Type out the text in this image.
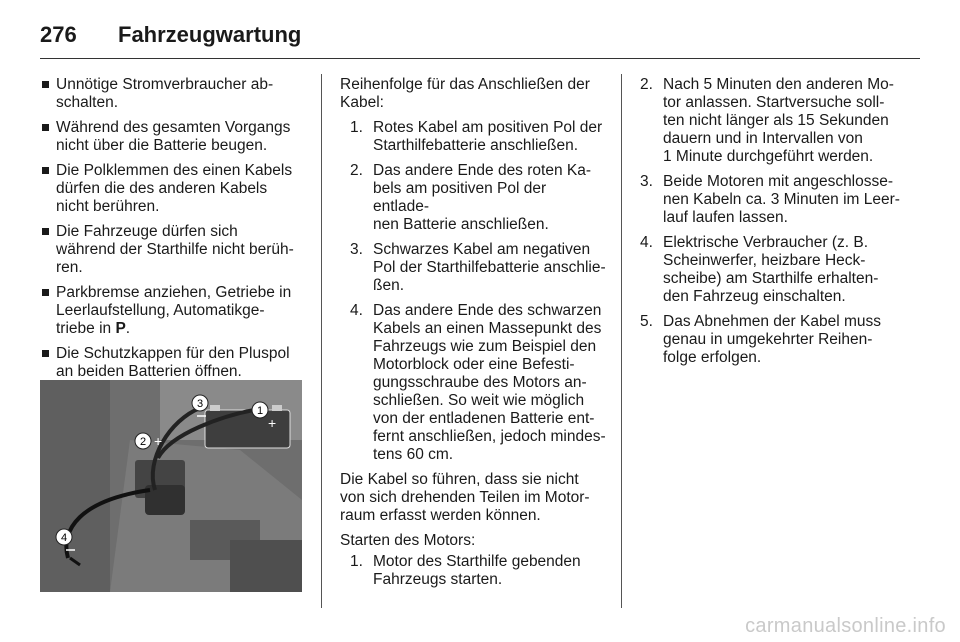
276 Fahrzeugwartung
Unnötige Stromverbraucher ab-
schalten.
Während des gesamten Vorgangs
nicht über die Batterie beugen.
Die Polklemmen des einen Kabels
dürfen die des anderen Kabels
nicht berühren.
Die Fahrzeuge dürfen sich
während der Starthilfe nicht berüh-
ren.
Parkbremse anziehen, Getriebe in
Leerlaufstellung, Automatikge-
triebe in P.
Die Schutzkappen für den Pluspol
an beiden Batterien öffnen.
1
+
2 +
3
4
Reihenfolge für das Anschließen der
Kabel:
1. Rotes Kabel am positiven Pol der
Starthilfebatterie anschließen.
2. Das andere Ende des roten Ka-
bels am positiven Pol der entlade-
nen Batterie anschließen.
3. Schwarzes Kabel am negativen
Pol der Starthilfebatterie anschlie-
ßen.
4. Das andere Ende des schwarzen
Kabels an einen Massepunkt des
Fahrzeugs wie zum Beispiel den
Motorblock oder eine Befesti-
gungsschraube des Motors an-
schließen. So weit wie möglich
von der entladenen Batterie ent-
fernt anschließen, jedoch mindes-
tens 60 cm.
Die Kabel so führen, dass sie nicht
von sich drehenden Teilen im Motor-
raum erfasst werden können.
Starten des Motors:
1. Motor des Starthilfe gebenden
Fahrzeugs starten.
2. Nach 5 Minuten den anderen Mo-
tor anlassen. Startversuche soll-
ten nicht länger als 15 Sekunden
dauern und in Intervallen von
1 Minute durchgeführt werden.
3. Beide Motoren mit angeschlosse-
nen Kabeln ca. 3 Minuten im Leer-
lauf laufen lassen.
4. Elektrische Verbraucher (z. B.
Scheinwerfer, heizbare Heck-
scheibe) am Starthilfe erhalten-
den Fahrzeug einschalten.
5. Das Abnehmen der Kabel muss
genau in umgekehrter Reihen-
folge erfolgen.
carmanualsonline.info
